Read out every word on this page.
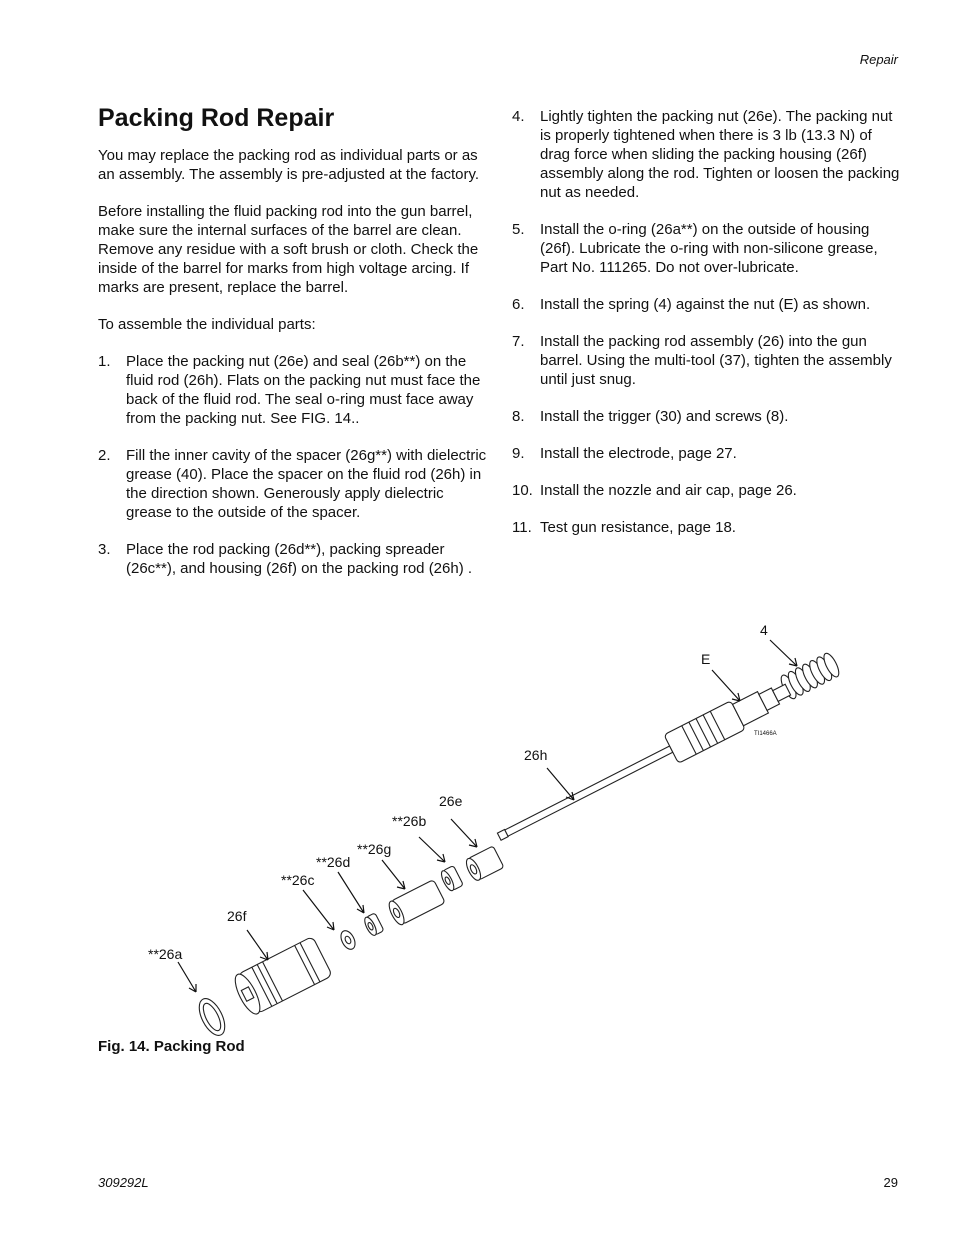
Repair
Packing Rod Repair

You may replace the packing rod as individual parts or as an assembly. The assembly is pre-adjusted at the factory.

Before installing the fluid packing rod into the gun barrel, make sure the internal surfaces of the barrel are clean. Remove any residue with a soft brush or cloth. Check the inside of the barrel for marks from high voltage arcing. If marks are present, replace the barrel.

To assemble the individual parts:

1.	Place the packing nut (26e) and seal (26b**) on the fluid rod (26h). Flats on the packing nut must face the back of the fluid rod. The seal o-ring must face away from the packing nut. See FIG. 14..
2.	Fill the inner cavity of the spacer (26g**) with dielectric grease (40). Place the spacer on the fluid rod (26h) in the direction shown. Generously apply dielectric grease to the outside of the spacer.
3.	Place the rod packing (26d**), packing spreader (26c**), and housing (26f) on the packing rod (26h) .
4.	Lightly tighten the packing nut (26e). The packing nut is properly tightened when there is 3 lb (13.3 N) of drag force when sliding the packing housing (26f) assembly along the rod. Tighten or loosen the packing nut as needed.
5.	Install the o-ring (26a**) on the outside of housing (26f). Lubricate the o-ring with non-silicone grease, Part No. 111265. Do not over-lubricate.
6.	Install the spring (4) against the nut (E) as shown.
7.	Install the packing rod assembly (26) into the gun barrel. Using the multi-tool (37), tighten the assembly until just snug.
8.	Install the trigger (30) and screws (8).
9.	Install the electrode, page 27.
10. Install the nozzle and air cap, page 26.
11. Test gun resistance, page 18.
4
E
26h
26e
**26b
**26g
**26d
**26c
26f
**26a
TI1466A
Fig. 14. Packing Rod
309292L	29
